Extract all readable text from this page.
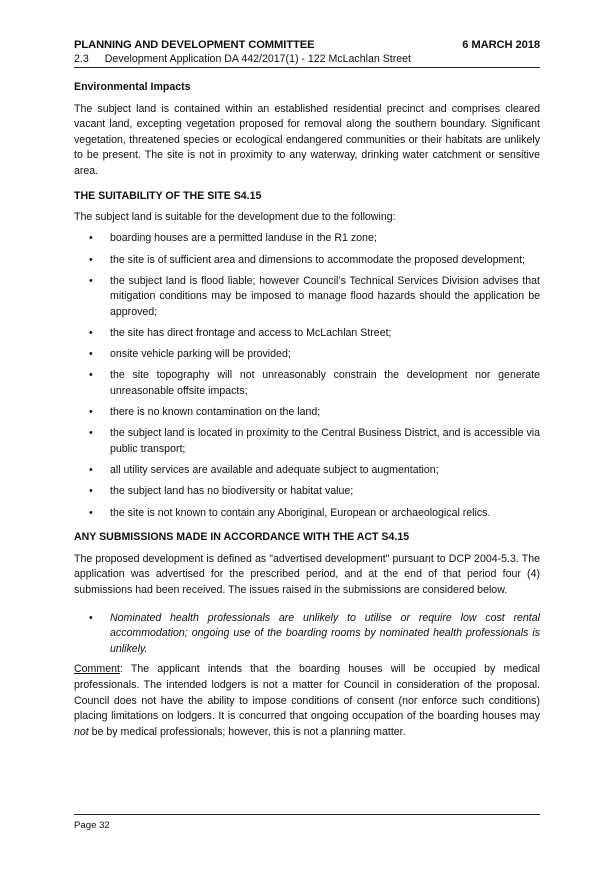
PLANNING AND DEVELOPMENT COMMITTEE	6 MARCH 2018
2.3 Development Application DA 442/2017(1) - 122 McLachlan Street
Environmental Impacts

The subject land is contained within an established residential precinct and comprises cleared vacant land, excepting vegetation proposed for removal along the southern boundary. Significant vegetation, threatened species or ecological endangered communities or their habitats are unlikely to be present. The site is not in proximity to any waterway, drinking water catchment or sensitive area.

THE SUITABILITY OF THE SITE S4.15

The subject land is suitable for the development due to the following:

• boarding houses are a permitted landuse in the R1 zone;
• the site is of sufficient area and dimensions to accommodate the proposed development;
• the subject land is flood liable; however Council’s Technical Services Division advises that mitigation conditions may be imposed to manage flood hazards should the application be approved;
• the site has direct frontage and access to McLachlan Street;
• onsite vehicle parking will be provided;
• the site topography will not unreasonably constrain the development nor generate unreasonable offsite impacts;
• there is no known contamination on the land;
• the subject land is located in proximity to the Central Business District, and is accessible via public transport;
• all utility services are available and adequate subject to augmentation;
• the subject land has no biodiversity or habitat value;
• the site is not known to contain any Aboriginal, European or archaeological relics.
ANY SUBMISSIONS MADE IN ACCORDANCE WITH THE ACT S4.15

The proposed development is defined as "advertised development" pursuant to DCP 2004-5.3. The application was advertised for the prescribed period, and at the end of that period four (4) submissions had been received. The issues raised in the submissions are considered below.

• Nominated health professionals are unlikely to utilise or require low cost rental accommodation; ongoing use of the boarding rooms by nominated health professionals is unlikely.

Comment: The applicant intends that the boarding houses will be occupied by medical professionals. The intended lodgers is not a matter for Council in consideration of the proposal. Council does not have the ability to impose conditions of consent (nor enforce such conditions) placing limitations on lodgers. It is concurred that ongoing occupation of the boarding houses may not be by medical professionals; however, this is not a planning matter.

Page 32
